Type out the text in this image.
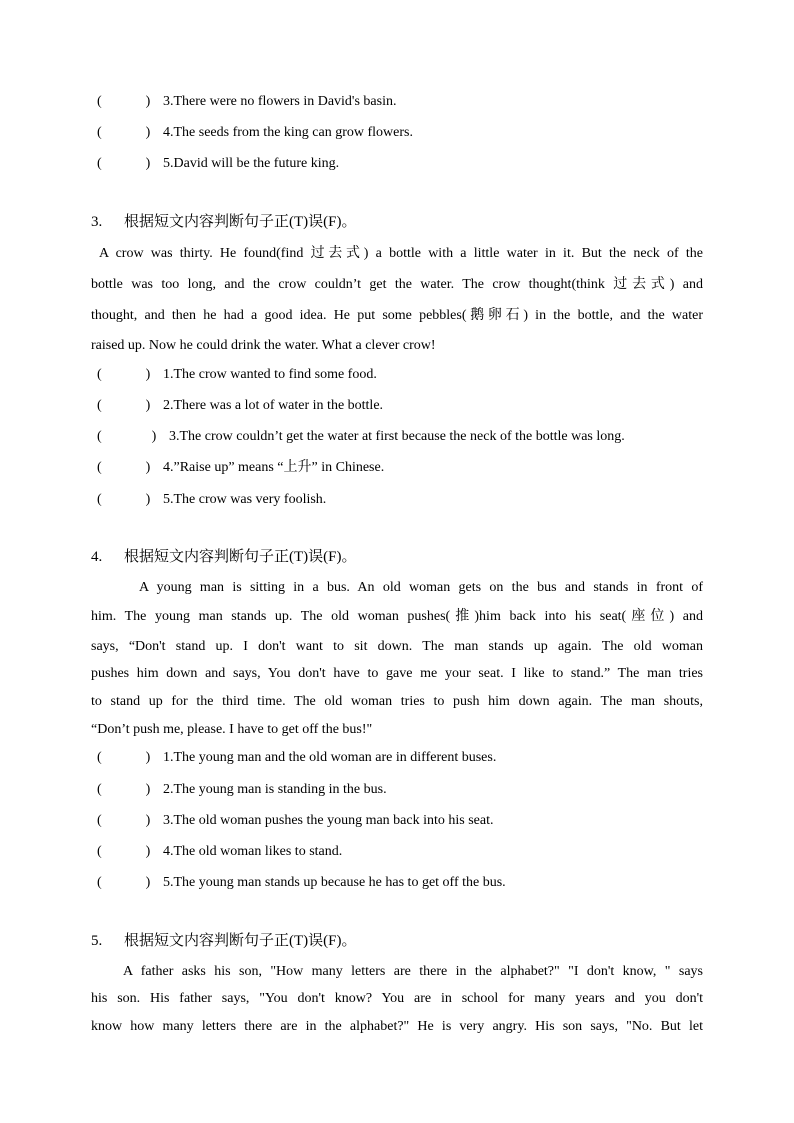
(	) 3.There were no flowers in David's basin.
(	) 4.The seeds from the king can grow flowers.
(	) 5.David will be the future king.
3. 根据短文内容判断句子正(T)误(F)。
A crow was thirty. He found(find 过去式) a bottle with a little water in it. But the neck of the
bottle was too long, and the crow couldn’t get the water. The crow thought(think 过去式) and
thought, and then he had a good idea. He put some pebbles(鹅卵石) in the bottle, and the water
raised up. Now he could drink the water. What a clever crow!
(	) 1.The crow wanted to find some food.
(	) 2.There was a lot of water in the bottle.
(	) 3.The crow couldn’t get the water at first because the neck of the bottle was long.
(	) 4.”Raise up” means “上升” in Chinese.
(	) 5.The crow was very foolish.
4. 根据短文内容判断句子正(T)误(F)。
A young man is sitting in a bus. An old woman gets on the bus and stands in front of
him. The young man stands up. The old woman pushes(推)him back into his seat(座位) and
says, “Don't stand up. I don't want to sit down. The man stands up again. The old woman
pushes him down and says, You don't have to gave me your seat. I like to stand.” The man tries
to stand up for the third time. The old woman tries to push him down again. The man shouts,
“Don’t push me, please. I have to get off the bus!"
(	) 1.The young man and the old woman are in different buses.
(	) 2.The young man is standing in the bus.
(	) 3.The old woman pushes the young man back into his seat.
(	) 4.The old woman likes to stand.
(	) 5.The young man stands up because he has to get off the bus.
5. 根据短文内容判断句子正(T)误(F)。
A father asks his son, "How many letters are there in the alphabet?" "I don't know, " says
his son. His father says, "You don't know? You are in school for many years and you don't
know how many letters there are in the alphabet?" He is very angry. His son says, "No. But let
